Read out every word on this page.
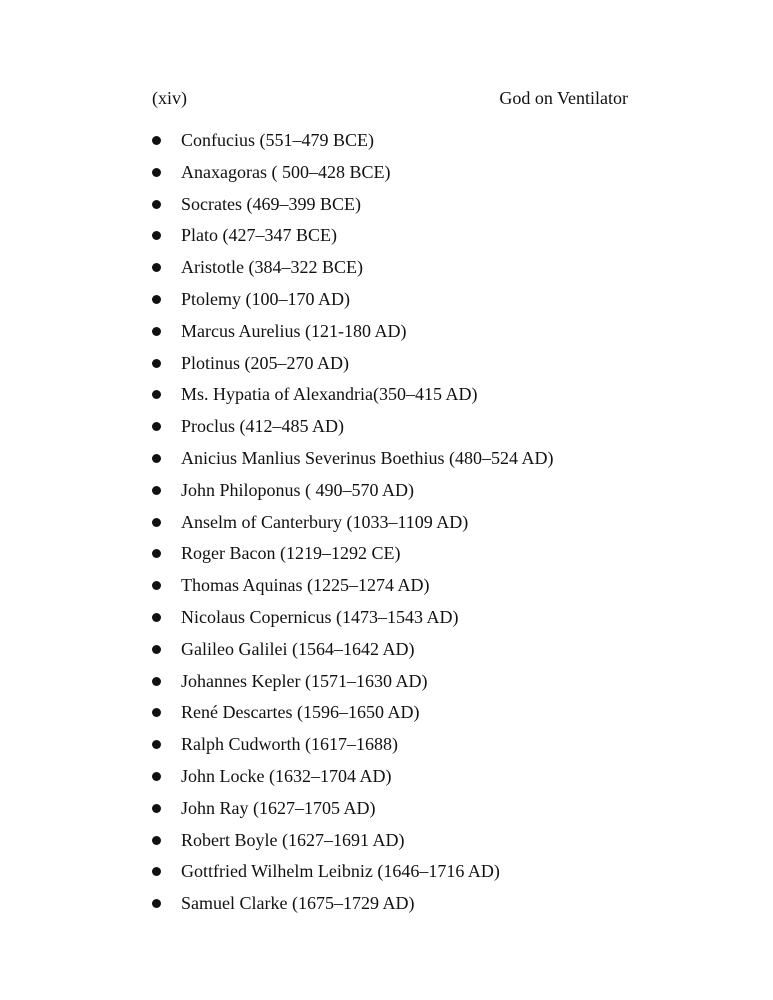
(xiv)	God on Ventilator
Confucius (551–479 BCE)
Anaxagoras ( 500–428 BCE)
Socrates (469–399 BCE)
Plato (427–347 BCE)
Aristotle (384–322 BCE)
Ptolemy (100–170 AD)
Marcus Aurelius (121-180 AD)
Plotinus (205–270 AD)
Ms. Hypatia of Alexandria(350–415 AD)
Proclus (412–485 AD)
Anicius Manlius Severinus Boethius (480–524 AD)
John Philoponus ( 490–570 AD)
Anselm of Canterbury (1033–1109 AD)
Roger Bacon (1219–1292 CE)
Thomas Aquinas (1225–1274 AD)
Nicolaus Copernicus (1473–1543 AD)
Galileo Galilei (1564–1642 AD)
Johannes Kepler (1571–1630 AD)
René Descartes (1596–1650 AD)
Ralph Cudworth (1617–1688)
John Locke (1632–1704 AD)
John Ray (1627–1705 AD)
Robert Boyle (1627–1691 AD)
Gottfried Wilhelm Leibniz (1646–1716 AD)
Samuel Clarke (1675–1729 AD)
